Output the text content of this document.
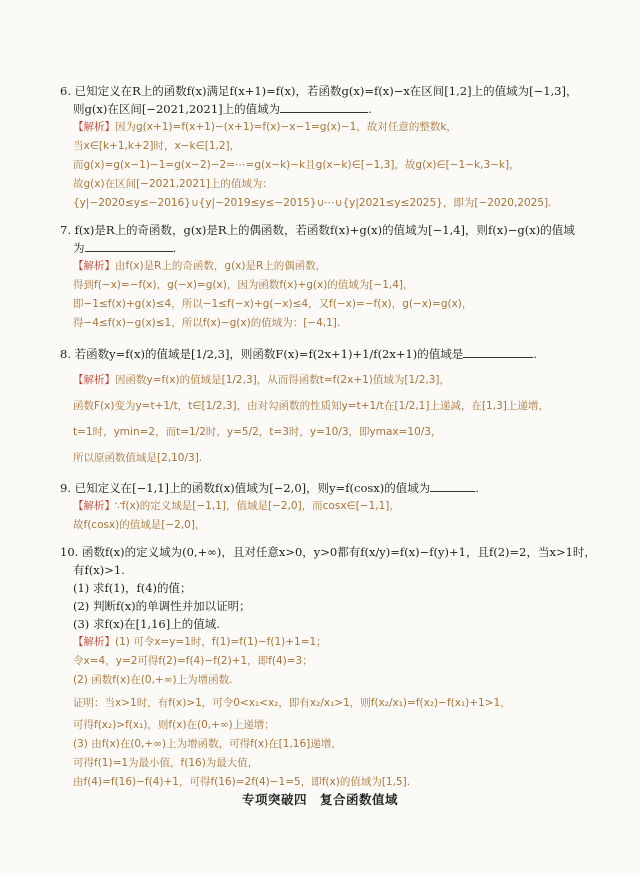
6. 已知定义在R上的函数f(x)满足f(x+1)=f(x)，若函数g(x)=f(x)−x在区间[1,2]上的值域为[−1,3]，
则g(x)在区间[−2021,2021]上的值域为	.
【解析】因为g(x+1)=f(x+1)−(x+1)=f(x)−x−1=g(x)−1，故对任意的整数k，
当x∈[k+1,k+2]时，x−k∈[1,2]，
而g(x)=g(x−1)−1=g(x−2)−2=⋯=g(x−k)−k且g(x−k)∈[−1,3]，故g(x)∈[−1−k,3−k]，
故g(x)在区间[−2021,2021]上的值域为：
{y|−2020≤y≤−2016}∪{y|−2019≤y≤−2015}∪⋯∪{y|2021≤y≤2025}，即为[−2020,2025].
7. f(x)是R上的奇函数，g(x)是R上的偶函数，若函数f(x)+g(x)的值域为[−1,4]，则f(x)−g(x)的值域
为	.
【解析】由f(x)是R上的奇函数，g(x)是R上的偶函数，
得到f(−x)=−f(x)，g(−x)=g(x)，因为函数f(x)+g(x)的值域为[−1,4]，
即−1≤f(x)+g(x)≤4，所以−1≤f(−x)+g(−x)≤4，又f(−x)=−f(x)，g(−x)=g(x)，
得−4≤f(x)−g(x)≤1，所以f(x)−g(x)的值域为：[−4,1].
8. 若函数y=f(x)的值域是[1/2,3]，则函数F(x)=f(2x+1)+1/f(2x+1)的值域是	.
【解析】因函数y=f(x)的值域是[1/2,3]，从而得函数t=f(2x+1)值域为[1/2,3]，
函数F(x)变为y=t+1/t，t∈[1/2,3]，由对勾函数的性质知y=t+1/t在[1/2,1]上递减，在[1,3]上递增，
t=1时，ymin=2，而t=1/2时，y=5/2，t=3时，y=10/3，即ymax=10/3，
所以原函数值域是[2,10/3].
9. 已知定义在[−1,1]上的函数f(x)值域为[−2,0]，则y=f(cosx)的值域为	.
【解析】∵f(x)的定义域是[−1,1]，值域是[−2,0]，而cosx∈[−1,1]，
故f(cosx)的值域是[−2,0]，
10. 函数f(x)的定义域为(0,+∞)，且对任意x>0，y>0都有f(x/y)=f(x)−f(y)+1，且f(2)=2，当x>1时，
有f(x)>1.
(1) 求f(1)，f(4)的值；
(2) 判断f(x)的单调性并加以证明；
(3) 求f(x)在[1,16]上的值域.
【解析】(1) 可令x=y=1时，f(1)=f(1)−f(1)+1=1；
令x=4，y=2可得f(2)=f(4)−f(2)+1，即f(4)=3；
(2) 函数f(x)在(0,+∞)上为增函数.
证明：当x>1时，有f(x)>1，可令0<x₁<x₂，即有x₂/x₁>1，则f(x₂/x₁)=f(x₂)−f(x₁)+1>1，
可得f(x₂)>f(x₁)，则f(x)在(0,+∞)上递增；
(3) 由f(x)在(0,+∞)上为增函数，可得f(x)在[1,16]递增，
可得f(1)=1为最小值，f(16)为最大值，
由f(4)=f(16)−f(4)+1，可得f(16)=2f(4)−1=5，即f(x)的值域为[1,5].
专项突破四　复合函数值域
